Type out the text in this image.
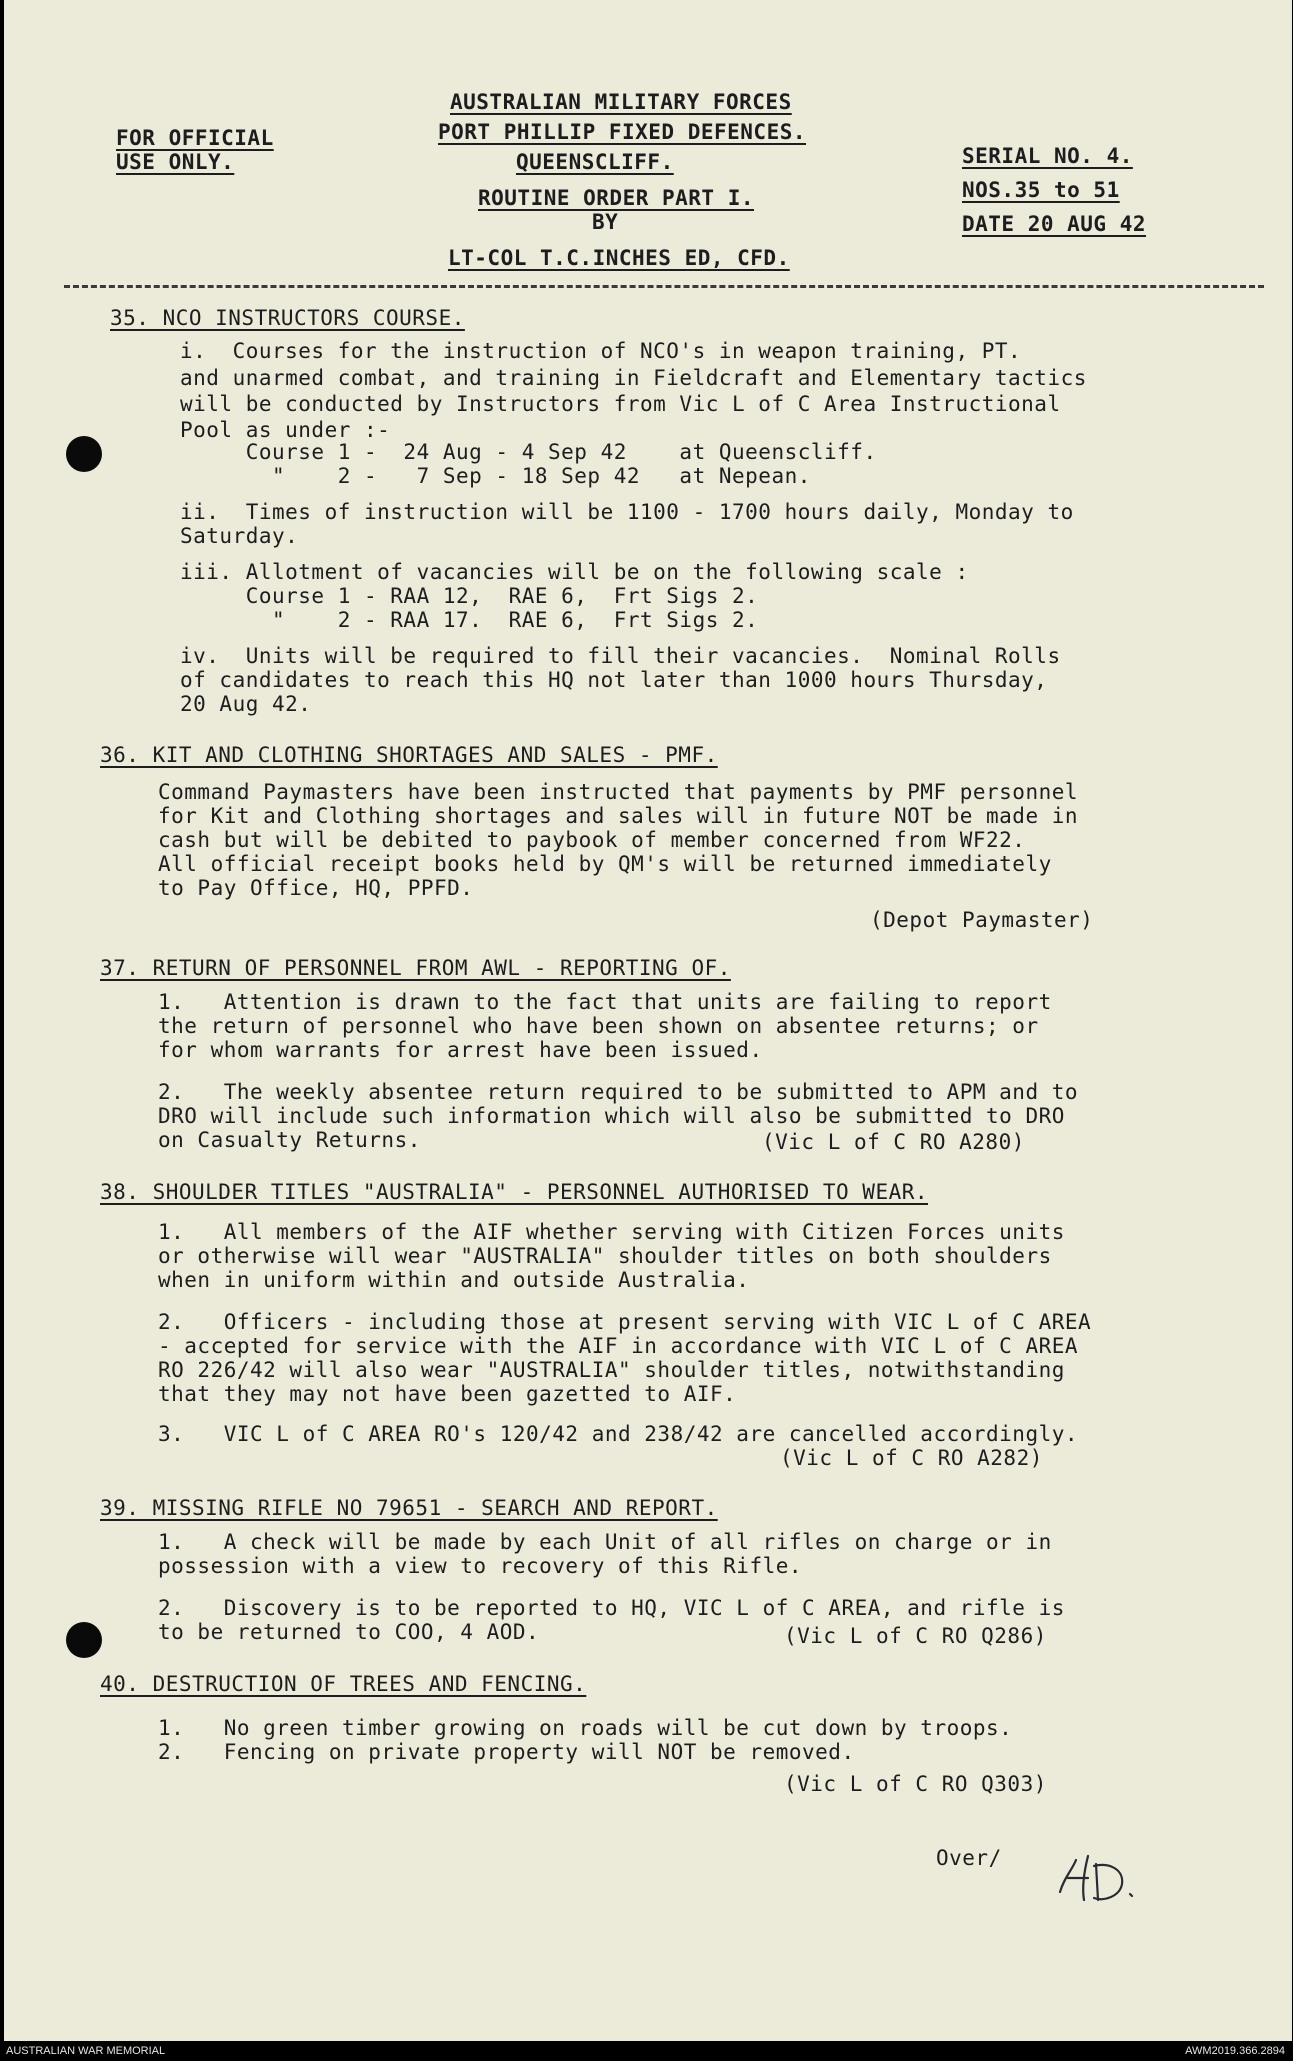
FOR OFFICIAL
USE ONLY.
AUSTRALIAN MILITARY FORCES
PORT PHILLIP FIXED DEFENCES.
QUEENSCLIFF.
ROUTINE ORDER PART I.
BY
LT-COL T.C.INCHES ED, CFD.
SERIAL NO. 4.
NOS.35 to 51
DATE 20 AUG 42
35. NCO INSTRUCTORS COURSE.
i.  Courses for the instruction of NCO's in weapon training, PT.
and unarmed combat, and training in Fieldcraft and Elementary tactics
will be conducted by Instructors from Vic L of C Area Instructional
Pool as under :-
Course 1 -  24 Aug - 4 Sep 42    at Queenscliff.
"    2 -   7 Sep - 18 Sep 42   at Nepean.
ii.  Times of instruction will be 1100 - 1700 hours daily, Monday to
Saturday.
iii. Allotment of vacancies will be on the following scale :
Course 1 - RAA 12,  RAE 6,  Frt Sigs 2.
"    2 - RAA 17.  RAE 6,  Frt Sigs 2.
iv.  Units will be required to fill their vacancies.  Nominal Rolls
of candidates to reach this HQ not later than 1000 hours Thursday,
20 Aug 42.
36. KIT AND CLOTHING SHORTAGES AND SALES - PMF.
Command Paymasters have been instructed that payments by PMF personnel
for Kit and Clothing shortages and sales will in future NOT be made in
cash but will be debited to paybook of member concerned from WF22.
All official receipt books held by QM's will be returned immediately
to Pay Office, HQ, PPFD.
(Depot Paymaster)
37. RETURN OF PERSONNEL FROM AWL - REPORTING OF.
1.   Attention is drawn to the fact that units are failing to report
the return of personnel who have been shown on absentee returns; or
for whom warrants for arrest have been issued.
2.   The weekly absentee return required to be submitted to APM and to
DRO will include such information which will also be submitted to DRO
on Casualty Returns.	(Vic L of C RO A280)
38. SHOULDER TITLES "AUSTRALIA" - PERSONNEL AUTHORISED TO WEAR.
1.   All members of the AIF whether serving with Citizen Forces units
or otherwise will wear "AUSTRALIA" shoulder titles on both shoulders
when in uniform within and outside Australia.
2.   Officers - including those at present serving with VIC L of C AREA
- accepted for service with the AIF in accordance with VIC L of C AREA
RO 226/42 will also wear "AUSTRALIA" shoulder titles, notwithstanding
that they may not have been gazetted to AIF.
3.   VIC L of C AREA RO's 120/42 and 238/42 are cancelled accordingly.
(Vic L of C RO A282)
39. MISSING RIFLE NO 79651 - SEARCH AND REPORT.
1.   A check will be made by each Unit of all rifles on charge or in
possession with a view to recovery of this Rifle.
2.   Discovery is to be reported to HQ, VIC L of C AREA, and rifle is
to be returned to COO, 4 AOD.	(Vic L of C RO Q286)
40. DESTRUCTION OF TREES AND FENCING.
1.   No green timber growing on roads will be cut down by troops.
2.   Fencing on private property will NOT be removed.
(Vic L of C RO Q303)
Over/
AUSTRALIAN WAR MEMORIAL	AWM2019.366.2894
